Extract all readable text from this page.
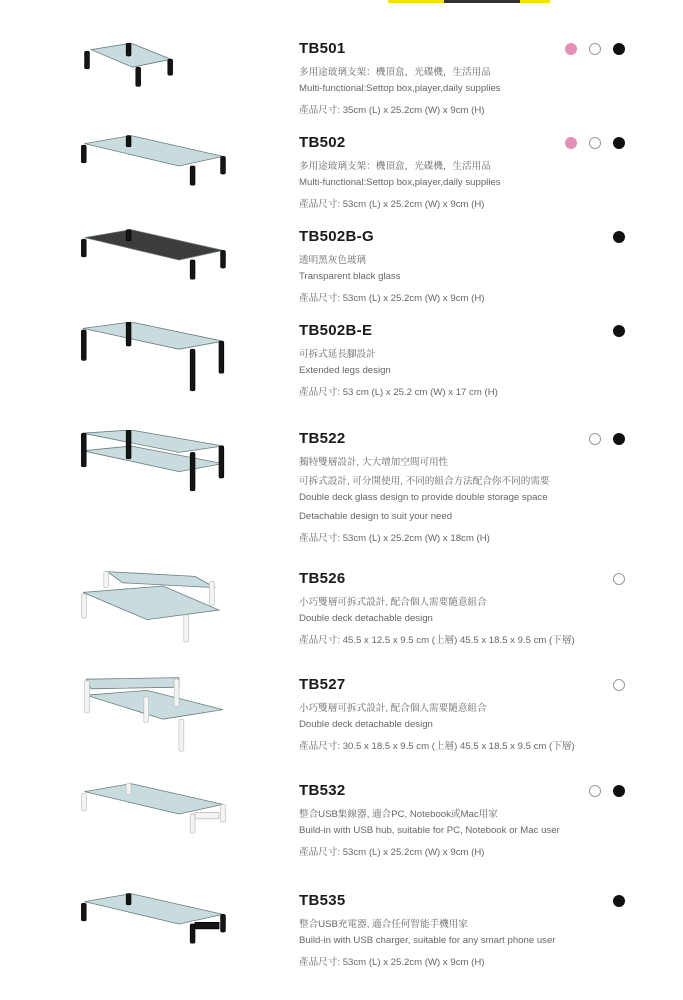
TB501
多用途玻璃支架：機頂盒，光碟機，生活用品
Multi-functional:Settop box,player,daily supplies
產品尺寸: 35cm (L) x 25.2cm (W) x 9cm (H)
TB502
多用途玻璃支架：機頂盒，光碟機，生活用品
Multi-functional:Settop box,player,daily supplies
產品尺寸: 53cm (L) x 25.2cm (W) x 9cm (H)
TB502B-G
透明黑灰色玻璃
Transparent black glass
產品尺寸: 53cm (L) x 25.2cm (W) x 9cm (H)
TB502B-E
可拆式延長腳設計
Extended legs design
產品尺寸: 53 cm (L) x 25.2 cm (W) x 17 cm (H)
TB522
獨特雙層設計, 大大增加空間可用性
可拆式設計, 可分開使用, 不同的組合方法配合你不同的需要
Double deck glass design to provide double storage space
Detachable design to suit your need
產品尺寸: 53cm (L) x 25.2cm (W) x 18cm (H)
TB526
小巧雙層可拆式設計, 配合個人需要隨意組合
Double deck detachable design
產品尺寸: 45.5 x 12.5 x 9.5 cm (上層) 45.5 x 18.5 x 9.5 cm (下層)
TB527
小巧雙層可拆式設計, 配合個人需要隨意組合
Double deck detachable design
產品尺寸: 30.5 x 18.5 x 9.5 cm (上層) 45.5 x 18.5 x 9.5 cm (下層)
TB532
整合USB集線器, 適合PC, Notebook或Mac用家
Build-in with USB hub, suitable for PC, Notebook or Mac user
產品尺寸: 53cm (L) x 25.2cm (W) x 9cm (H)
TB535
整合USB充電器, 適合任何智能手機用家
Build-in with USB charger, suitable for any smart phone user
產品尺寸: 53cm (L) x 25.2cm (W) x 9cm (H)
